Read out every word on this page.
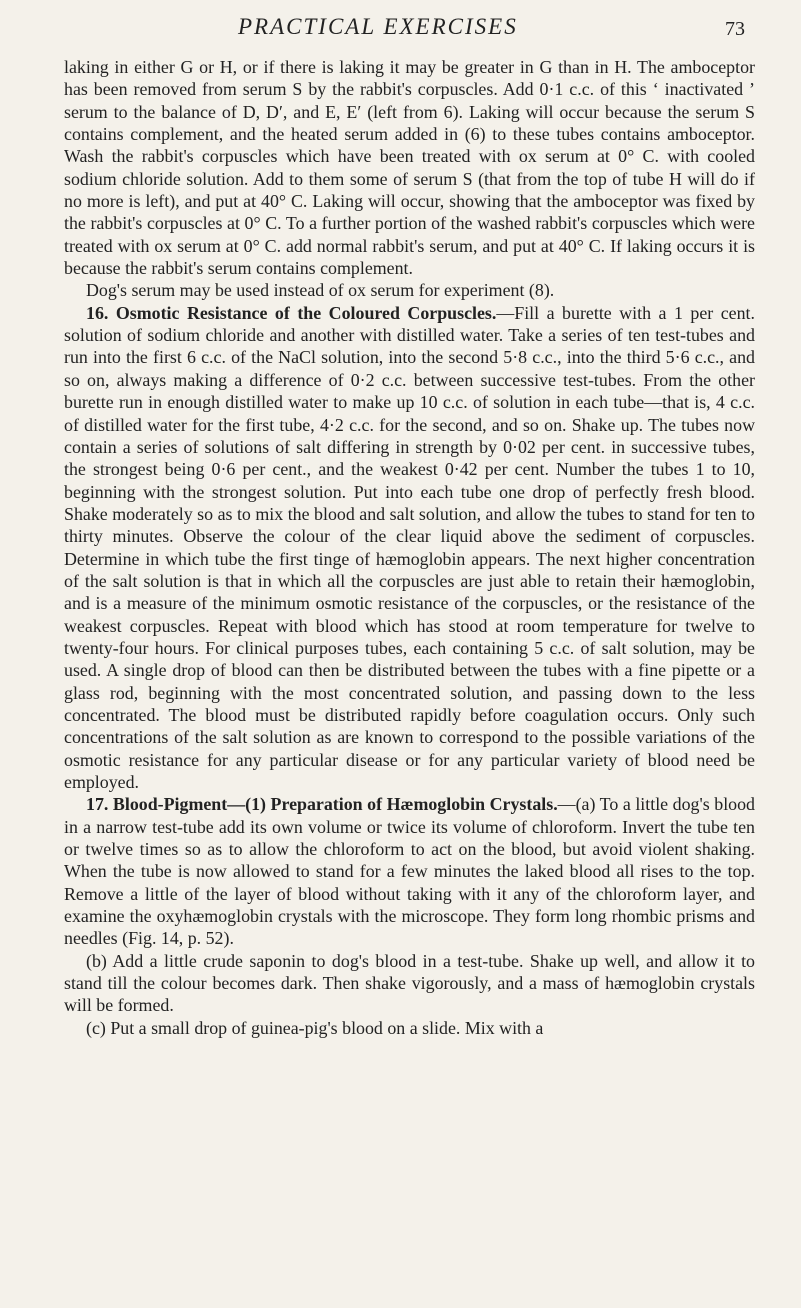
PRACTICAL EXERCISES	73

laking in either G or H, or if there is laking it may be greater in G than in H. The amboceptor has been removed from serum S by the rabbit's corpuscles. Add 0·1 c.c. of this ‘ inactivated ’ serum to the balance of D, D′, and E, E′ (left from 6). Laking will occur because the serum S contains complement, and the heated serum added in (6) to these tubes contains amboceptor. Wash the rabbit's corpuscles which have been treated with ox serum at 0° C. with cooled sodium chloride solution. Add to them some of serum S (that from the top of tube H will do if no more is left), and put at 40° C. Laking will occur, showing that the amboceptor was fixed by the rabbit's corpuscles at 0° C. To a further portion of the washed rabbit's corpuscles which were treated with ox serum at 0° C. add normal rabbit's serum, and put at 40° C. If laking occurs it is because the rabbit's serum contains complement.

Dog's serum may be used instead of ox serum for experiment (8).

16. Osmotic Resistance of the Coloured Corpuscles.—Fill a burette with a 1 per cent. solution of sodium chloride and another with distilled water. Take a series of ten test-tubes and run into the first 6 c.c. of the NaCl solution, into the second 5·8 c.c., into the third 5·6 c.c., and so on, always making a difference of 0·2 c.c. between successive test-tubes. From the other burette run in enough distilled water to make up 10 c.c. of solution in each tube—that is, 4 c.c. of distilled water for the first tube, 4·2 c.c. for the second, and so on. Shake up. The tubes now contain a series of solutions of salt differing in strength by 0·02 per cent. in successive tubes, the strongest being 0·6 per cent., and the weakest 0·42 per cent. Number the tubes 1 to 10, beginning with the strongest solution. Put into each tube one drop of perfectly fresh blood. Shake moderately so as to mix the blood and salt solution, and allow the tubes to stand for ten to thirty minutes. Observe the colour of the clear liquid above the sediment of corpuscles. Determine in which tube the first tinge of hæmoglobin appears. The next higher concentration of the salt solution is that in which all the corpuscles are just able to retain their hæmoglobin, and is a measure of the minimum osmotic resistance of the corpuscles, or the resistance of the weakest corpuscles. Repeat with blood which has stood at room temperature for twelve to twenty-four hours. For clinical purposes tubes, each containing 5 c.c. of salt solution, may be used. A single drop of blood can then be distributed between the tubes with a fine pipette or a glass rod, beginning with the most concentrated solution, and passing down to the less concentrated. The blood must be distributed rapidly before coagulation occurs. Only such concentrations of the salt solution as are known to correspond to the possible variations of the osmotic resistance for any particular disease or for any particular variety of blood need be employed.

17. Blood-Pigment—(1) Preparation of Hæmoglobin Crystals.—(a) To a little dog's blood in a narrow test-tube add its own volume or twice its volume of chloroform. Invert the tube ten or twelve times so as to allow the chloroform to act on the blood, but avoid violent shaking. When the tube is now allowed to stand for a few minutes the laked blood all rises to the top. Remove a little of the layer of blood without taking with it any of the chloroform layer, and examine the oxyhæmoglobin crystals with the microscope. They form long rhombic prisms and needles (Fig. 14, p. 52).

(b) Add a little crude saponin to dog's blood in a test-tube. Shake up well, and allow it to stand till the colour becomes dark. Then shake vigorously, and a mass of hæmoglobin crystals will be formed.

(c) Put a small drop of guinea-pig's blood on a slide. Mix with a
